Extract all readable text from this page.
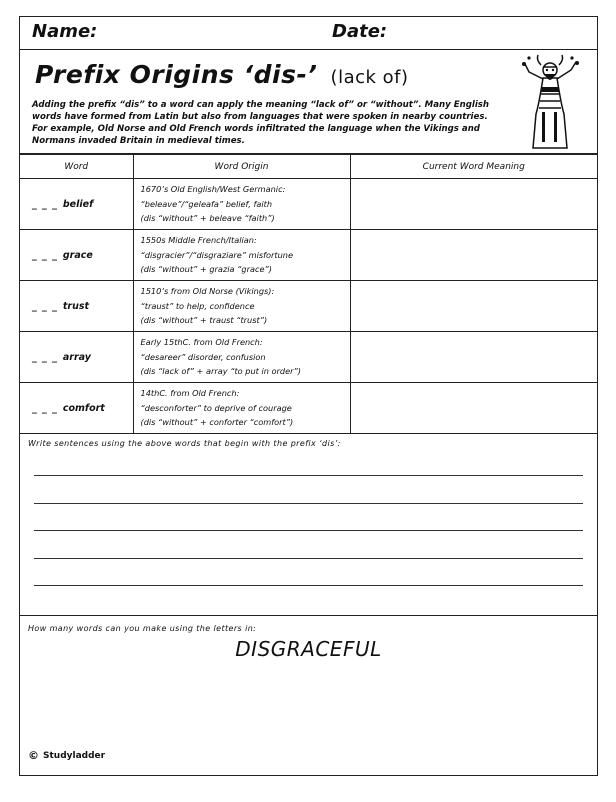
Name:	Date:
Prefix Origins ‘dis-’ (lack of)

Adding the prefix “dis” to a word can apply the meaning “lack of” or “without”. Many English words have formed from Latin but also from languages that were spoken in nearby countries. For example, Old Norse and Old French words infiltrated the language when the Vikings and Normans invaded Britain in medieval times.

Word	Word Origin	Current Word Meaning
_ _ _ belief	1670’s Old English/West Germanic:
“beleave”/“geleafa” belief, faith
(dis “without” + beleave “faith”)	

_ _ _ grace	1550s Middle French/Italian:
“disgracier”/“disgraziare” misfortune
(dis “without” + grazia “grace”)	

_ _ _ trust	1510’s from Old Norse (Vikings):
“traust” to help, confidence
(dis “without” + traust “trust”)	

_ _ _ array	Early 15thC. from Old French:
“desareer” disorder, confusion
(dis “lack of” + array “to put in order”)	

_ _ _ comfort	14thC. from Old French:
“desconforter” to deprive of courage
(dis “without” + conforter “comfort”)	

Write sentences using the above words that begin with the prefix ‘dis’:
How many words can you make using the letters in:
DISGRACEFUL
© Studyladder
